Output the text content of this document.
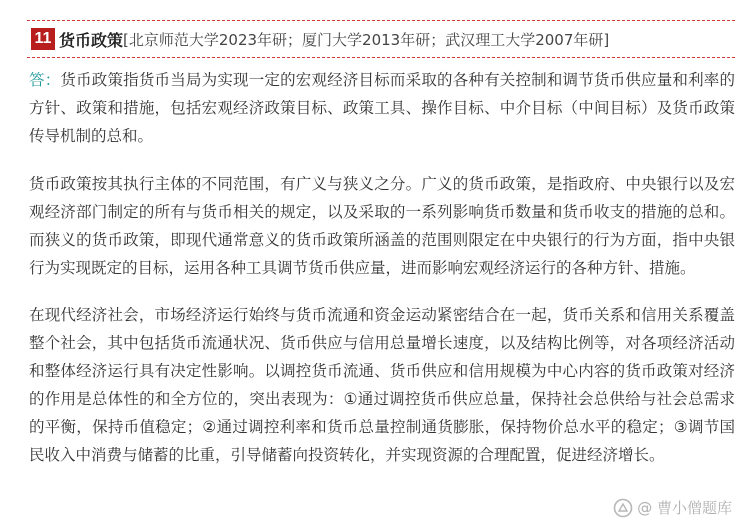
11 货币政策 [北京师范大学2023年研；厦门大学2013年研；武汉理工大学2007年研]

答：货币政策指货币当局为实现一定的宏观经济目标而采取的各种有关控制和调节货币供应量和利率的方针、政策和措施，包括宏观经济政策目标、政策工具、操作目标、中介目标（中间目标）及货币政策传导机制的总和。

货币政策按其执行主体的不同范围，有广义与狭义之分。广义的货币政策，是指政府、中央银行以及宏观经济部门制定的所有与货币相关的规定，以及采取的一系列影响货币数量和货币收支的措施的总和。而狭义的货币政策，即现代通常意义的货币政策所涵盖的范围则限定在中央银行的行为方面，指中央银行为实现既定的目标，运用各种工具调节货币供应量，进而影响宏观经济运行的各种方针、措施。

在现代经济社会，市场经济运行始终与货币流通和资金运动紧密结合在一起，货币关系和信用关系覆盖整个社会，其中包括货币流通状况、货币供应与信用总量增长速度，以及结构比例等，对各项经济活动和整体经济运行具有决定性影响。以调控货币流通、货币供应和信用规模为中心内容的货币政策对经济的作用是总体性的和全方位的，突出表现为：①通过调控货币供应总量，保持社会总供给与社会总需求的平衡，保持币值稳定；②通过调控利率和货币总量控制通货膨胀，保持物价总水平的稳定；③调节国民收入中消费与储蓄的比重，引导储蓄向投资转化，并实现资源的合理配置，促进经济增长。

@ 曹小僧题库
